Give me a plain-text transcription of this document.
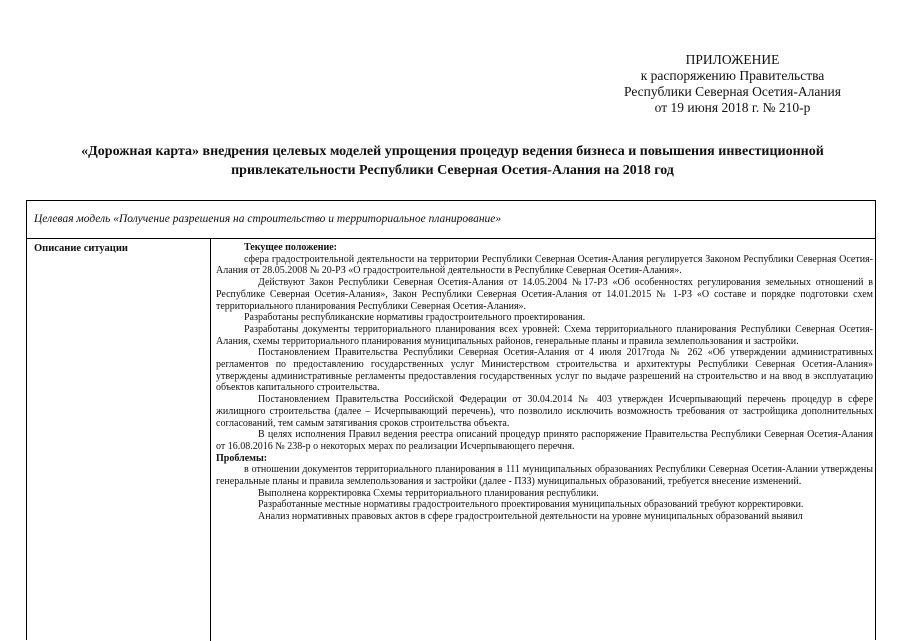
ПРИЛОЖЕНИЕ
к распоряжению Правительства
Республики Северная Осетия-Алания
от 19 июня 2018 г. № 210-р
«Дорожная карта» внедрения целевых моделей упрощения процедур ведения бизнеса и повышения инвестиционной
привлекательности Республики Северная Осетия-Алания на 2018 год
Целевая модель «Получение разрешения на строительство и территориальное планирование»
Описание ситуации	Текущее положение:

сфера градостроительной деятельности на территории Республики Северная Осетия-Алания регулируется Законом Республики Северная Осетия-Алания от 28.05.2008 № 20-РЗ «О градостроительной деятельности в Республике Северная Осетия-Алания».

Действуют Закон Республики Северная Осетия-Алания от 14.05.2004 №17-РЗ «Об особенностях регулирования земельных отношений в Республике Северная Осетия-Алания», Закон Республики Северная Осетия-Алания от 14.01.2015 № 1-РЗ «О составе и порядке подготовки схем территориального планирования Республики Северная Осетия-Алания».

Разработаны республиканские нормативы градостроительного проектирования.

Разработаны документы территориального планирования всех уровней: Схема территориального планирования Республики Северная Осетия-Алания, схемы территориального планирования муниципальных районов, генеральные планы и правила землепользования и застройки.

Постановлением Правительства Республики Северная Осетия-Алания от 4 июля 2017года № 262 «Об утверждении административных регламентов по предоставлению государственных услуг Министерством строительства и архитектуры Республики Северная Осетия-Алания» утверждены административные регламенты предоставления государственных услуг по выдаче разрешений на строительство и на ввод в эксплуатацию объектов капитального строительства.

Постановлением Правительства Российской Федерации от 30.04.2014 № 403 утвержден Исчерпывающий перечень процедур в сфере жилищного строительства (далее – Исчерпывающий перечень), что позволило исключить возможность требования от застройщика дополнительных согласований, тем самым затягивания сроков строительства объекта.

В целях исполнения Правил ведения реестра описаний процедур принято распоряжение Правительства Республики Северная Осетия-Алания от 16.08.2016 № 238-р о некоторых мерах по реализации Исчерпывающего перечня.

Проблемы:

в отношении документов территориального планирования в 111 муниципальных образованиях Республики Северная Осетия-Алании утверждены генеральные планы и правила землепользования и застройки (далее - ПЗЗ) муниципальных образований, требуется внесение изменений.

Выполнена корректировка Схемы территориального планирования республики.

Разработанные местные нормативы градостроительного проектирования муниципальных образований требуют корректировки.

Анализ нормативных правовых актов в сфере градостроительной деятельности на уровне муниципальных образований выявил
